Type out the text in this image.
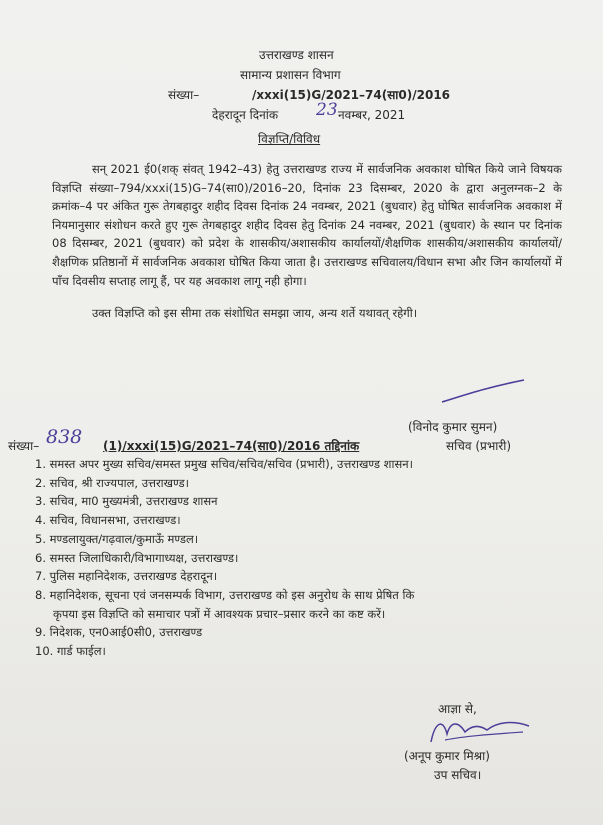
उत्तराखण्ड शासन
सामान्य प्रशासन विभाग
संख्या–	/xxxi(15)G/2021–74(सा0)/2016
देहरादून दिनांक 23 नवम्बर, 2021
विज्ञप्ति/विविध

सन् 2021 ई0(शक् संवत् 1942–43) हेतु उत्तराखण्ड राज्य में सार्वजनिक अवकाश घोषित किये जाने विषयक विज्ञप्ति संख्या–794/xxxi(15)G–74(सा0)/2016–20, दिनांक 23 दिसम्बर, 2020 के द्वारा अनुलग्नक–2 के क्रमांक–4 पर अंकित गुरू तेगबहादुर शहीद दिवस दिनांक 24 नवम्बर, 2021 (बुधवार) हेतु घोषित सार्वजनिक अवकाश में नियमानुसार संशोधन करते हुए गुरू तेगबहादुर शहीद दिवस हेतु दिनांक 24 नवम्बर, 2021 (बुधवार) के स्थान पर दिनांक 08 दिसम्बर, 2021 (बुधवार) को प्रदेश के शासकीय/अशासकीय कार्यालयों/शैक्षणिक शासकीय/अशासकीय कार्यालयों/शैक्षणिक प्रतिष्ठानों में सार्वजनिक अवकाश घोषित किया जाता है। उत्तराखण्ड सचिवालय/विधान सभा और जिन कार्यालयों में पाँच दिवसीय सप्ताह लागू हैं, पर यह अवकाश लागू नही होगा।

उक्त विज्ञप्ति को इस सीमा तक संशोधित समझा जाय, अन्य शर्ते यथावत् रहेगी।

(विनोद कुमार सुमन)
सचिव (प्रभारी)
संख्या– 838 (1)/xxxi(15)G/2021–74(सा0)/2016 तद्दिनांक
1. समस्त अपर मुख्य सचिव/समस्त प्रमुख सचिव/सचिव/सचिव (प्रभारी), उत्तराखण्ड शासन।
2. सचिव, श्री राज्यपाल, उत्तराखण्ड।
3. सचिव, मा0 मुख्यमंत्री, उत्तराखण्ड शासन
4. सचिव, विधानसभा, उत्तराखण्ड।
5. मण्डलायुक्त/गढ़वाल/कुमाऊँ मण्डल।
6. समस्त जिलाधिकारी/विभागाध्यक्ष, उत्तराखण्ड।
7. पुलिस महानिदेशक, उत्तराखण्ड देहरादून।
8. महानिदेशक, सूचना एवं जनसम्पर्क विभाग, उत्तराखण्ड को इस अनुरोध के साथ प्रेषित कि
कृपया इस विज्ञप्ति को समाचार पत्रों में आवश्यक प्रचार–प्रसार करने का कष्ट करें।
9. निदेशक, एन0आई0सी0, उत्तराखण्ड
10. गार्ड फाईल।
आज्ञा से,
(अनूप कुमार मिश्रा)
उप सचिव।
